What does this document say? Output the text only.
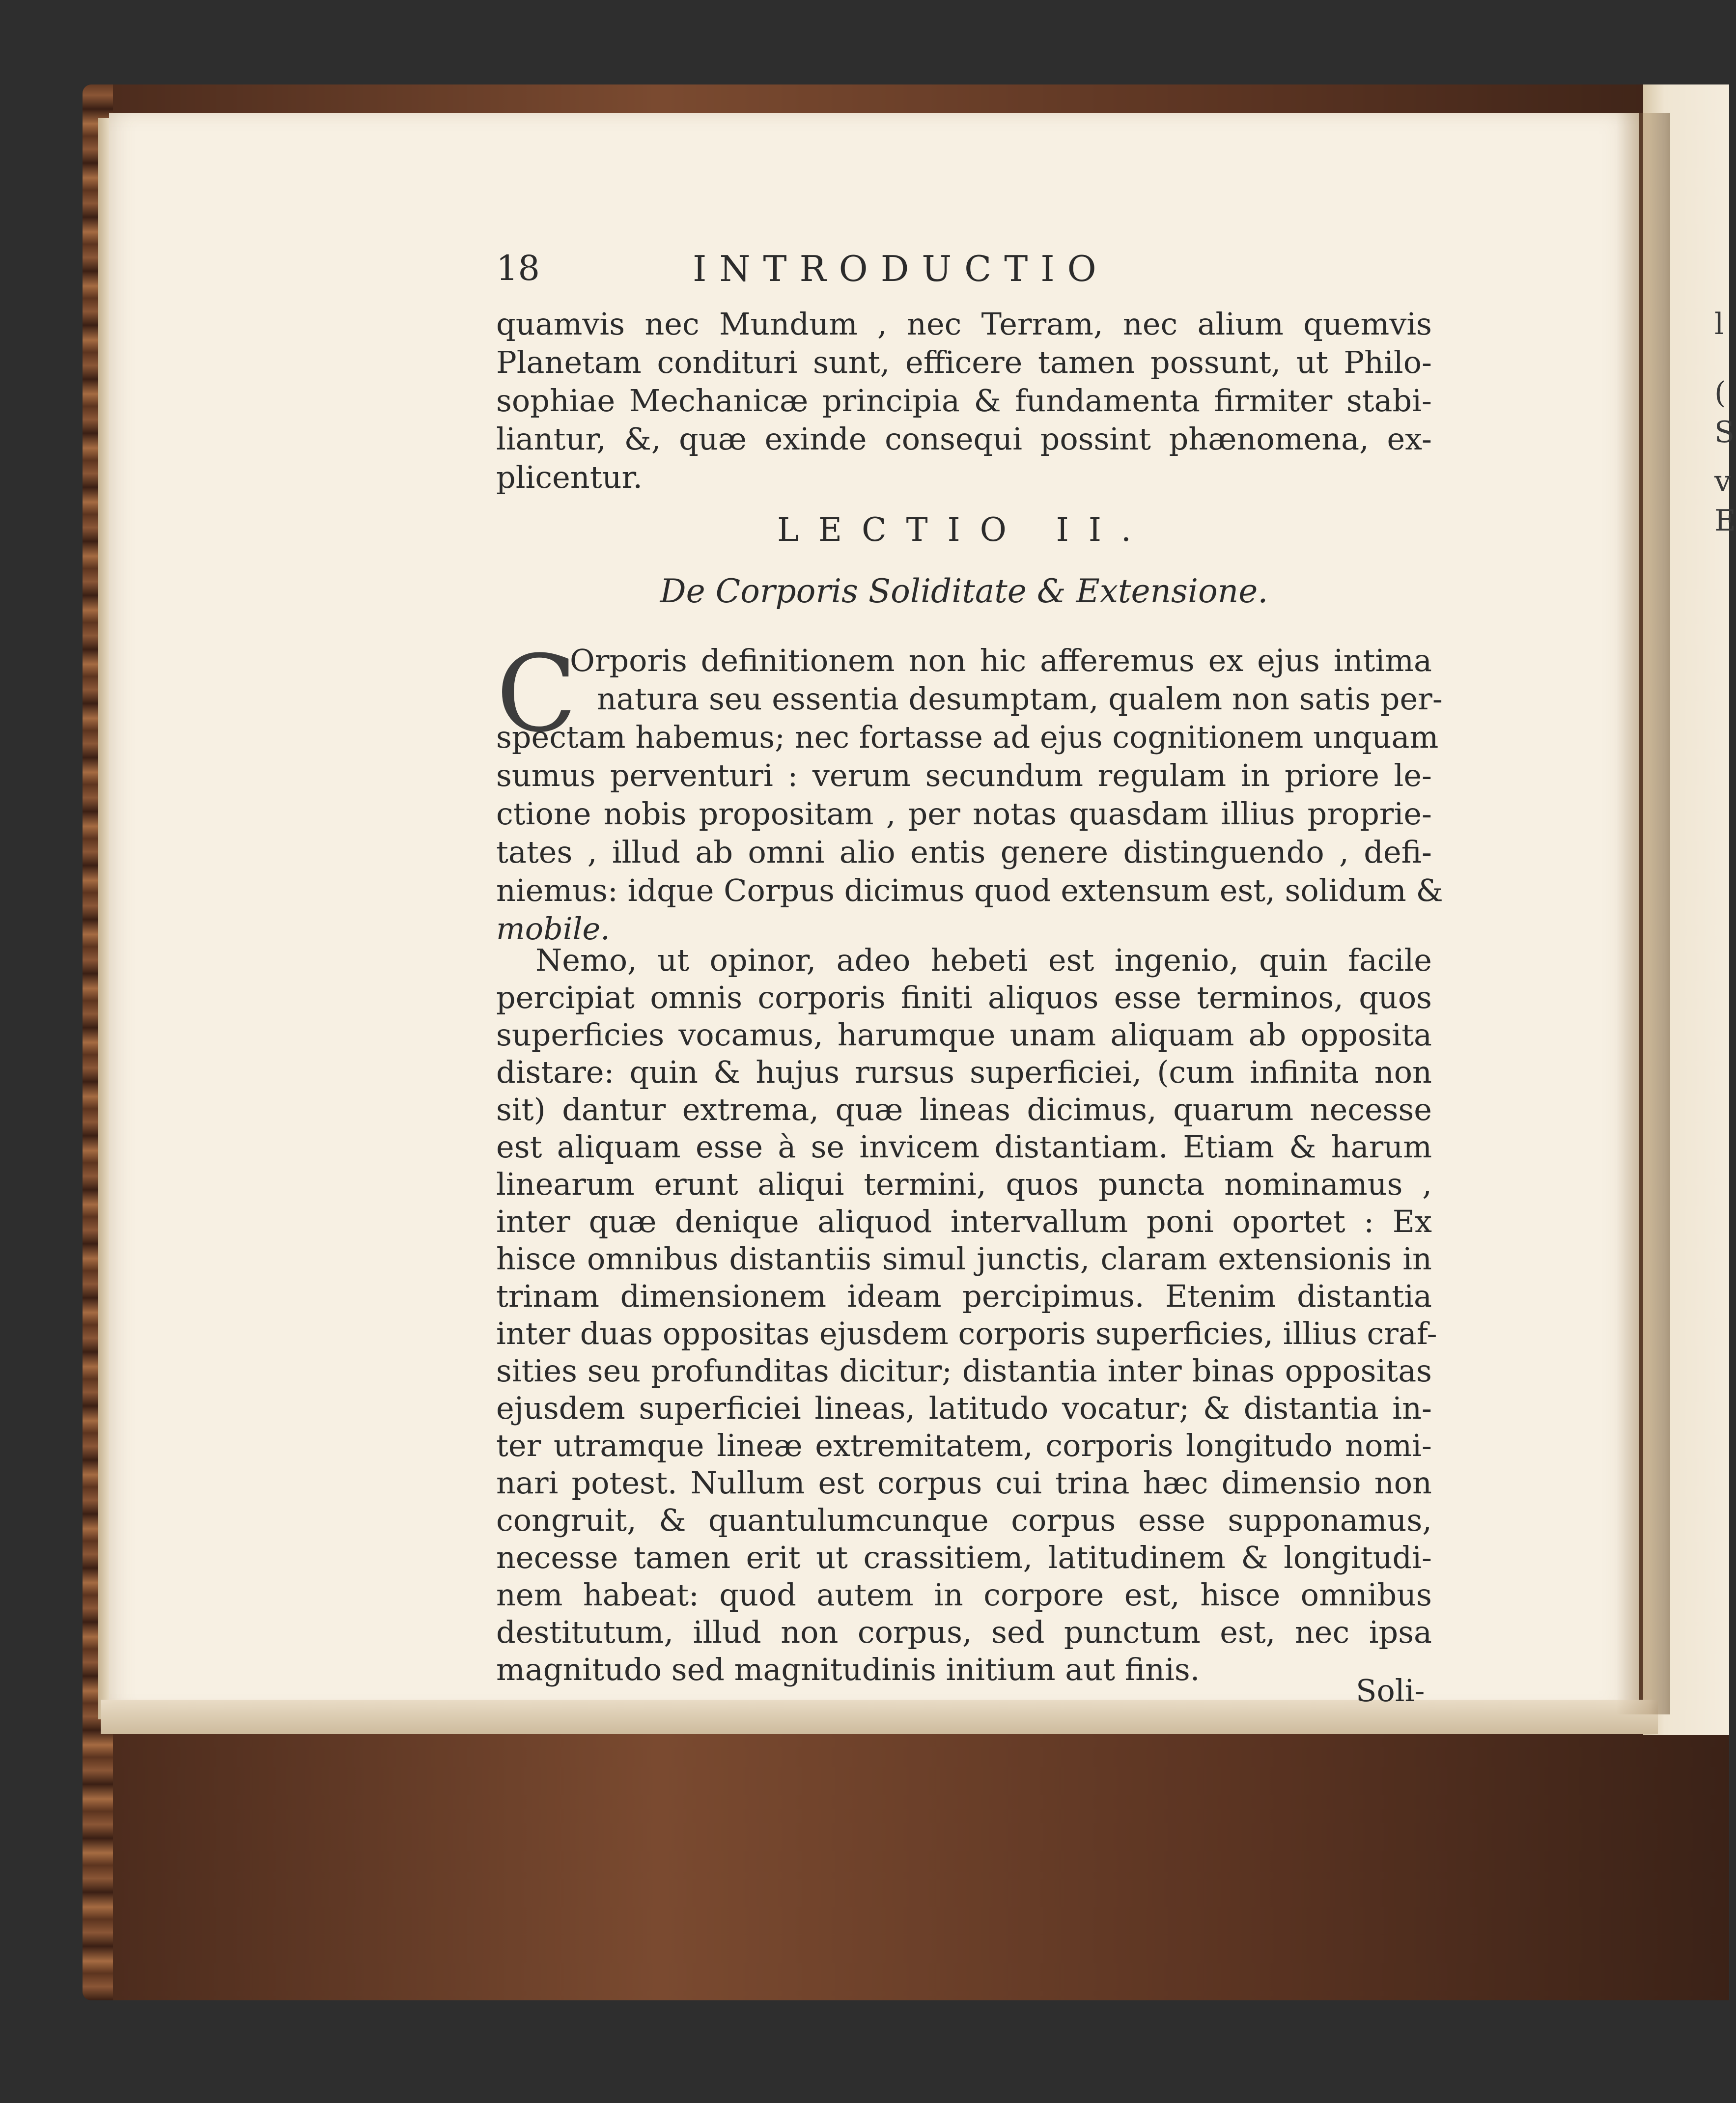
l
(
S
v
E
18	INTRODUCTIO
quamvis nec Mundum , nec Terram, nec alium quemvis
Planetam condituri sunt, efficere tamen possunt, ut Philo-
sophiae Mechanicæ principia & fundamenta firmiter stabi-
liantur, &, quæ exinde consequi possint phænomena, ex-
plicentur.
LECTIO II.
De Corporis Soliditate & Extensione.
C
Orporis definitionem non hic afferemus ex ejus intima
natura seu essentia desumptam, qualem non satis per-
spectam habemus; nec fortasse ad ejus cognitionem unquam
sumus perventuri : verum secundum regulam in priore le-
ctione nobis propositam , per notas quasdam illius proprie-
tates , illud ab omni alio entis genere distinguendo , defi-
niemus: idque Corpus dicimus quod extensum est, solidum &
mobile.
Nemo, ut opinor, adeo hebeti est ingenio, quin facile
percipiat omnis corporis finiti aliquos esse terminos, quos
superficies vocamus, harumque unam aliquam ab opposita
distare: quin & hujus rursus superficiei, (cum infinita non
sit) dantur extrema, quæ lineas dicimus, quarum necesse
est aliquam esse à se invicem distantiam. Etiam & harum
linearum erunt aliqui termini, quos puncta nominamus ,
inter quæ denique aliquod intervallum poni oportet : Ex
hisce omnibus distantiis simul junctis, claram extensionis in
trinam dimensionem ideam percipimus. Etenim distantia
inter duas oppositas ejusdem corporis superficies, illius craf-
sities seu profunditas dicitur; distantia inter binas oppositas
ejusdem superficiei lineas, latitudo vocatur; & distantia in-
ter utramque lineæ extremitatem, corporis longitudo nomi-
nari potest. Nullum est corpus cui trina hæc dimensio non
congruit, & quantulumcunque corpus esse supponamus,
necesse tamen erit ut crassitiem, latitudinem & longitudi-
nem habeat: quod autem in corpore est, hisce omnibus
destitutum, illud non corpus, sed punctum est, nec ipsa
magnitudo sed magnitudinis initium aut finis.
Soli-
